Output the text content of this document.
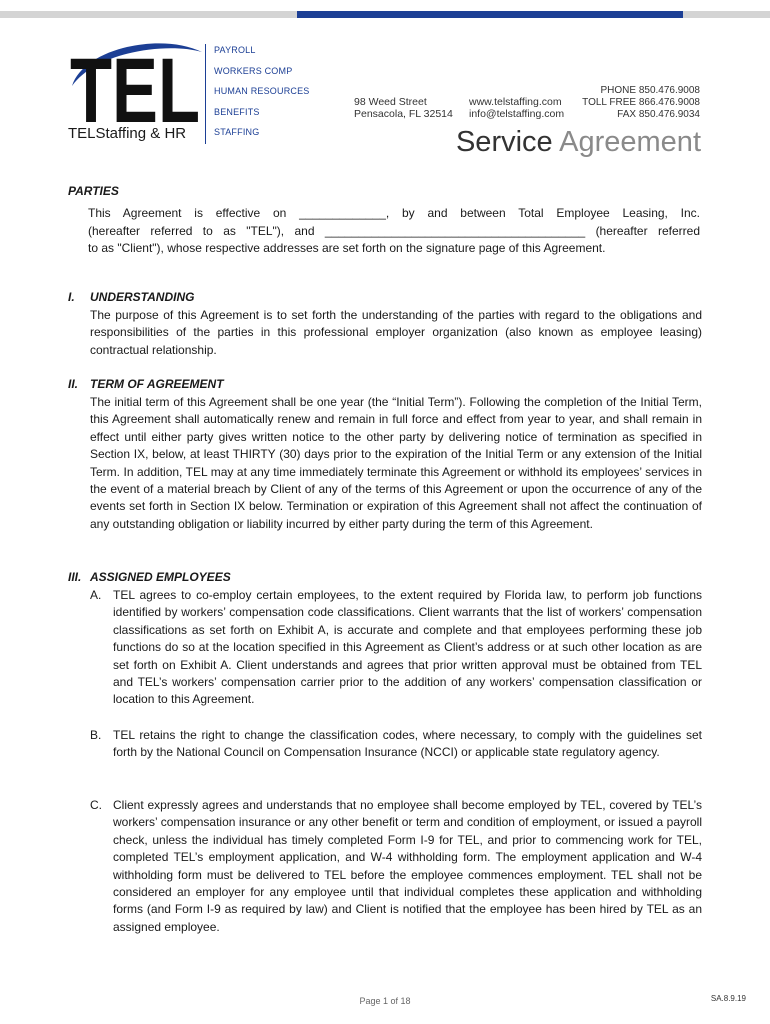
TEL
TELStaffing & HR
PAYROLL
WORKERS COMP
HUMAN RESOURCES
BENEFITS
STAFFING
98 Weed Street
Pensacola, FL 32514
www.telstaffing.com
info@telstaffing.com
PHONE 850.476.9008
TOLL FREE 866.476.9008
FAX 850.476.9034
Service Agreement
PARTIES

This Agreement is effective on _____________, by and between Total Employee Leasing, Inc.

(hereafter referred to as "TEL"), and _______________________________________ (hereafter referred

to as "Client"), whose respective addresses are set forth on the signature page of this Agreement.

I. UNDERSTANDING
The purpose of this Agreement is to set forth the understanding of the parties with regard to the obligations and responsibilities of the parties in this professional employer organization (also known as employee leasing) contractual relationship.
II. TERM OF AGREEMENT
The initial term of this Agreement shall be one year (the “Initial Term”). Following the completion of the Initial Term, this Agreement shall automatically renew and remain in full force and effect from year to year, and shall remain in effect until either party gives written notice to the other party by delivering notice of termination as specified in Section IX, below, at least THIRTY (30) days prior to the expiration of the Initial Term or any extension of the Initial Term. In addition, TEL may at any time immediately terminate this Agreement or withhold its employees’ services in the event of a material breach by Client of any of the terms of this Agreement or upon the occurrence of any of the events set forth in Section IX below. Termination or expiration of this Agreement shall not affect the continuation of any outstanding obligation or liability incurred by either party during the term of this Agreement.
III. ASSIGNED EMPLOYEES
A. TEL agrees to co-employ certain employees, to the extent required by Florida law, to perform job functions identified by workers’ compensation code classifications. Client warrants that the list of workers’ compensation classifications as set forth on Exhibit A, is accurate and complete and that employees performing these job functions do so at the location specified in this Agreement as Client’s address or at such other location as are set forth on Exhibit A. Client understands and agrees that prior written approval must be obtained from TEL and TEL’s workers’ compensation carrier prior to the addition of any workers’ compensation classification or location to this Agreement.
B. TEL retains the right to change the classification codes, where necessary, to comply with the guidelines set forth by the National Council on Compensation Insurance (NCCI) or applicable state regulatory agency.
C. Client expressly agrees and understands that no employee shall become employed by TEL, covered by TEL’s workers’ compensation insurance or any other benefit or term and condition of employment, or issued a payroll check, unless the individual has timely completed Form I-9 for TEL, and prior to commencing work for TEL, completed TEL’s employment application, and W-4 withholding form. The employment application and W-4 withholding form must be delivered to TEL before the employee commences employment. TEL shall not be considered an employer for any employee until that individual completes these application and withholding forms (and Form I-9 as required by law) and Client is notified that the employee has been hired by TEL as an assigned employee.
Page 1 of 18	SA.8.9.19
